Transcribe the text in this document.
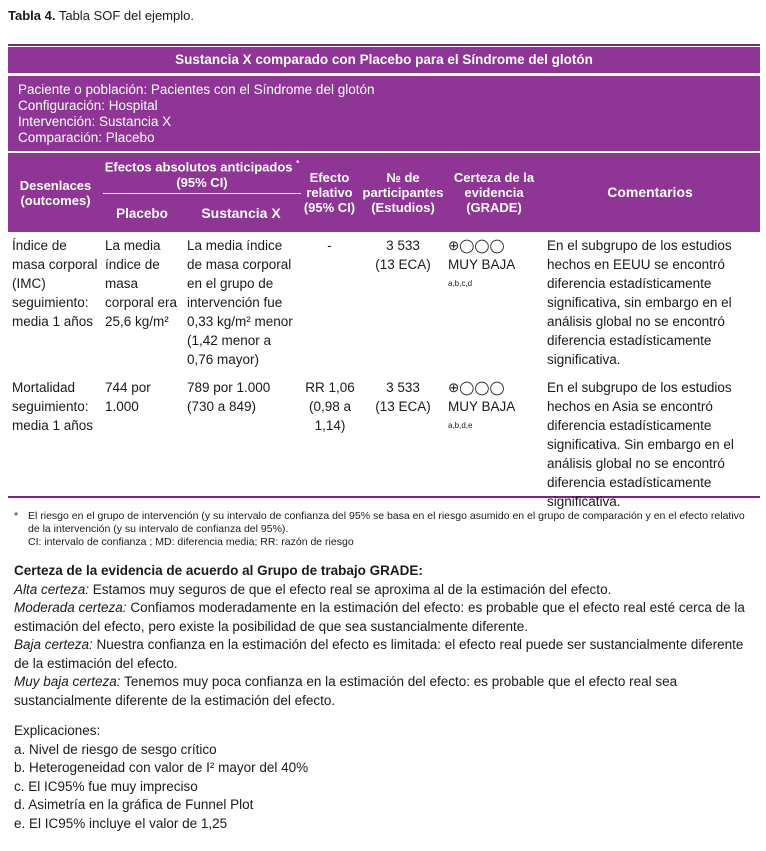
Tabla 4. Tabla SOF del ejemplo.
Sustancia X comparado con Placebo para el Síndrome del glotón
Paciente o población: Pacientes con el Síndrome del glotón
Configuración: Hospital
Intervención: Sustancia X
Comparación: Placebo
Desenlaces (outcomes)
Efectos absolutos anticipados *
(95% CI)
Placebo	Sustancia X
Efecto relativo (95% CI)
№ de participantes (Estudios)
Certeza de la evidencia (GRADE)
Comentarios
Índice de masa corporal (IMC) seguimiento: media 1 años
La media índice de masa corporal era 25,6 kg/m²
La media índice de masa corporal en el grupo de intervención fue 0,33 kg/m² menor (1,42 menor a 0,76 mayor)
-	3 533
(13 ECA)
⊕◯◯◯
MUY BAJA $^{a,b,c,d}$
En el subgrupo de los estudios hechos en EEUU se encontró diferencia estadísticamente significativa, sin embargo en el análisis global no se encontró diferencia estadísticamente significativa.
Mortalidad seguimiento: media 1 años
744 por 1.000
789 por 1.000 (730 a 849)
RR 1,06 (0,98 a 1,14)
3 533
(13 ECA)
⊕◯◯◯
MUY BAJA $^{a,b,d,e}$
En el subgrupo de los estudios hechos en Asia se encontró diferencia estadísticamente significativa. Sin embargo en el análisis global no se encontró diferencia estadísticamente significativa.
* El riesgo en el grupo de intervención (y su intervalo de confianza del 95% se basa en el riesgo asumido en el grupo de comparación y en el efecto relativo de la intervención (y su intervalo de confianza del 95%).
CI: intervalo de confianza ; MD: diferencia media; RR: razón de riesgo
Certeza de la evidencia de acuerdo al Grupo de trabajo GRADE:
Alta certeza: Estamos muy seguros de que el efecto real se aproxima al de la estimación del efecto.
Moderada certeza: Confiamos moderadamente en la estimación del efecto: es probable que el efecto real esté cerca de la estimación del efecto, pero existe la posibilidad de que sea sustancialmente diferente.
Baja certeza: Nuestra confianza en la estimación del efecto es limitada: el efecto real puede ser sustancialmente diferente de la estimación del efecto.
Muy baja certeza: Tenemos muy poca confianza en la estimación del efecto: es probable que el efecto real sea sustancialmente diferente de la estimación del efecto.
Explicaciones:
a. Nivel de riesgo de sesgo crítico
b. Heterogeneidad con valor de I² mayor del 40%
c. El IC95% fue muy impreciso
d. Asimetría en la gráfica de Funnel Plot
e. El IC95% incluye el valor de 1,25
